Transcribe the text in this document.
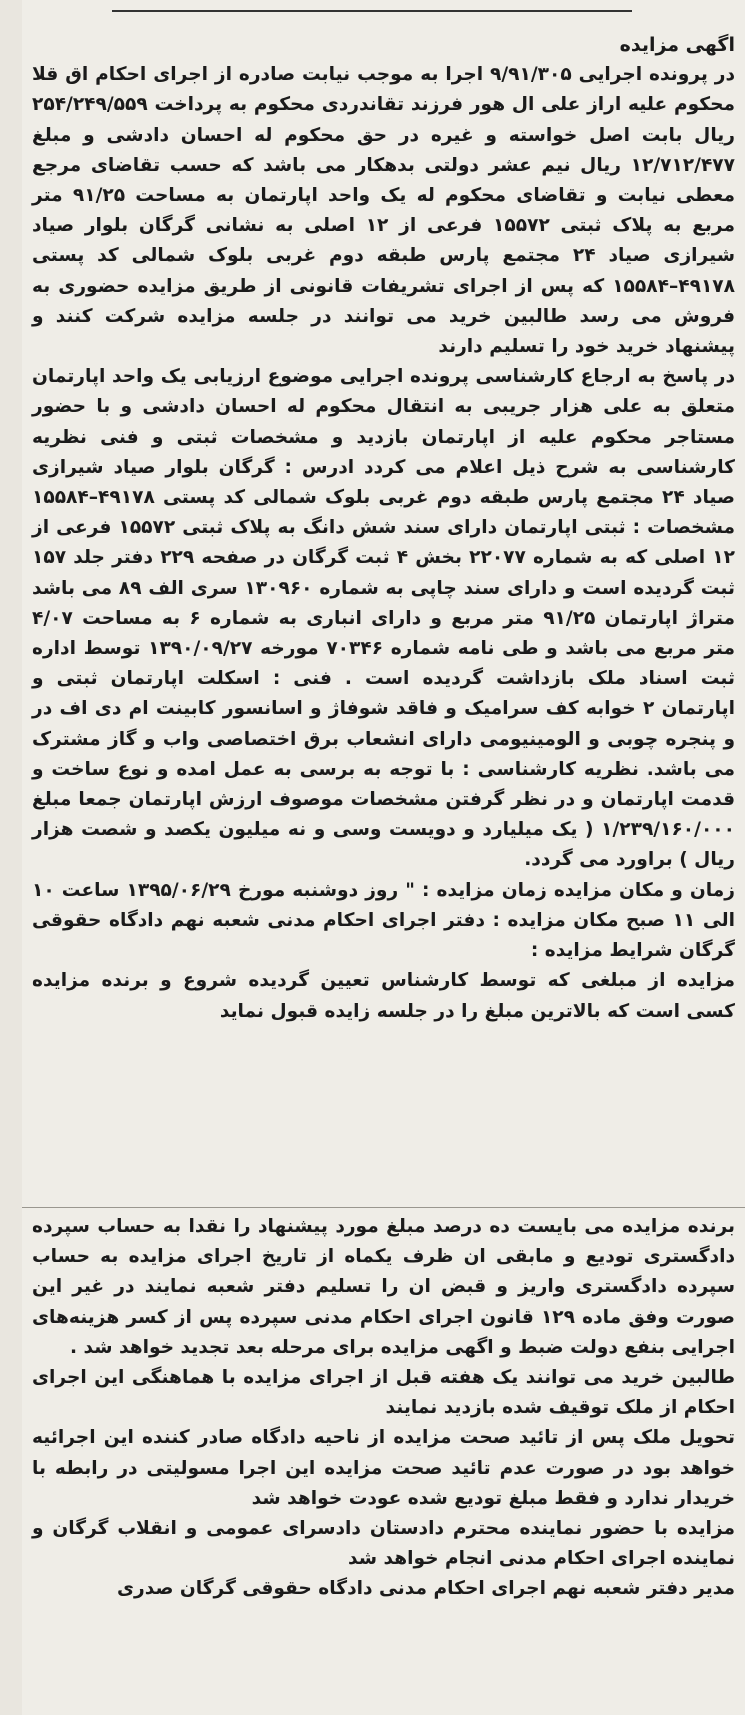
اگهی مزایده

در پرونده اجرایی ۹/۹۱/۳۰۵ اجرا به موجب نیابت صادره از اجرای احکام اق قلا محکوم علیه اراز علی ال هور فرزند تقاندردی محکوم به پرداخت ۲۵۴/۲۴۹/۵۵۹ ریال بابت اصل خواسته و غیره در حق محکوم له احسان دادشی و مبلغ ۱۲/۷۱۲/۴۷۷ ریال نیم عشر دولتی بدهکار می باشد که حسب تقاضای مرجع معطی نیابت و تقاضای محکوم له یک واحد اپارتمان به مساحت ۹۱/۲۵ متر مربع به پلاک ثبتی ۱۵۵۷۲ فرعی از ۱۲ اصلی به نشانی گرگان بلوار صیاد شیرازی صیاد ۲۴ مجتمع پارس طبقه دوم غربی بلوک شمالی کد پستی ۴۹۱۷۸–۱۵۵۸۴ که پس از اجرای تشریفات قانونی از طریق مزایده حضوری به فروش می رسد طالبین خرید می توانند در جلسه مزایده شرکت کنند و پیشنهاد خرید خود را تسلیم دارند

در پاسخ به ارجاع کارشناسی پرونده اجرایی موضوع ارزیابی یک واحد اپارتمان متعلق به علی هزار جریبی به انتقال محکوم له احسان دادشی و با حضور مستاجر محکوم علیه از اپارتمان بازدید و مشخصات ثبتی و فنی نظریه کارشناسی به شرح ذیل اعلام می کردد ادرس : گرگان بلوار صیاد شیرازی صیاد ۲۴ مجتمع پارس طبقه دوم غربی بلوک شمالی کد پستی ۴۹۱۷۸–۱۵۵۸۴ مشخصات : ثبتی اپارتمان دارای سند شش دانگ به پلاک ثبتی ۱۵۵۷۲ فرعی از ۱۲ اصلی که به شماره ۲۲۰۷۷ بخش ۴ ثبت گرگان در صفحه ۲۲۹ دفتر جلد ۱۵۷ ثبت گردیده است و دارای سند چاپی به شماره ۱۳۰۹۶۰ سری الف ۸۹ می باشد متراژ اپارتمان ۹۱/۲۵ متر مربع و دارای انباری به شماره ۶ به مساحت ۴/۰۷ متر مربع می باشد و طی نامه شماره ۷۰۳۴۶ مورخه ۱۳۹۰/۰۹/۲۷ توسط اداره ثبت اسناد ملک بازداشت گردیده است . فنی : اسکلت اپارتمان ثبتی و اپارتمان ۲ خوابه کف سرامیک و فاقد شوفاژ و اسانسور کابینت ام دی اف در و پنجره چوبی و الومینیومی دارای انشعاب برق اختصاصی واب و گاز مشترک می باشد. نظریه کارشناسی : با توجه به برسی به عمل امده و نوع ساخت و قدمت اپارتمان و در نظر گرفتن مشخصات موصوف ارزش اپارتمان جمعا مبلغ ۱/۲۳۹/۱۶۰/۰۰۰ ( یک میلیارد و دویست وسی و نه میلیون یکصد و شصت هزار ریال ) براورد می گردد.

زمان و مکان مزایده زمان مزایده : " روز دوشنبه مورخ ۱۳۹۵/۰۶/۲۹ ساعت ۱۰ الی ۱۱ صبح مکان مزایده : دفتر اجرای احکام مدنی شعبه نهم دادگاه حقوقی گرگان شرایط مزایده :

مزایده از مبلغی که توسط کارشناس تعیین گردیده شروع و برنده مزایده کسی است که بالاترین مبلغ را در جلسه زایده قبول نماید

برنده مزایده می بایست ده درصد مبلغ مورد پیشنهاد را نقدا به حساب سپرده دادگستری تودیع و مابقی ان ظرف یکماه از تاریخ اجرای مزایده به حساب سپرده دادگستری واریز و قبض ان را تسلیم دفتر شعبه نمایند در غیر این صورت وفق ماده ۱۲۹ قانون اجرای احکام مدنی سپرده پس از کسر هزینه‌های اجرایی بنفع دولت ضبط و اگهی مزایده برای مرحله بعد تجدید خواهد شد .

طالبین خرید می توانند یک هفته قبل از اجرای مزایده با هماهنگی این اجرای احکام از ملک توقیف شده بازدید نمایند

تحویل ملک پس از تائید صحت مزایده از ناحیه دادگاه صادر کننده این اجرائیه خواهد بود در صورت عدم تائید صحت مزایده این اجرا مسولیتی در رابطه با خریدار ندارد و فقط مبلغ تودیع شده عودت خواهد شد

مزایده با حضور نماینده محترم دادستان دادسرای عمومی و انقلاب گرگان و نماینده اجرای احکام مدنی انجام خواهد شد

مدیر دفتر شعبه نهم اجرای احکام مدنی دادگاه حقوقی گرگان صدری
